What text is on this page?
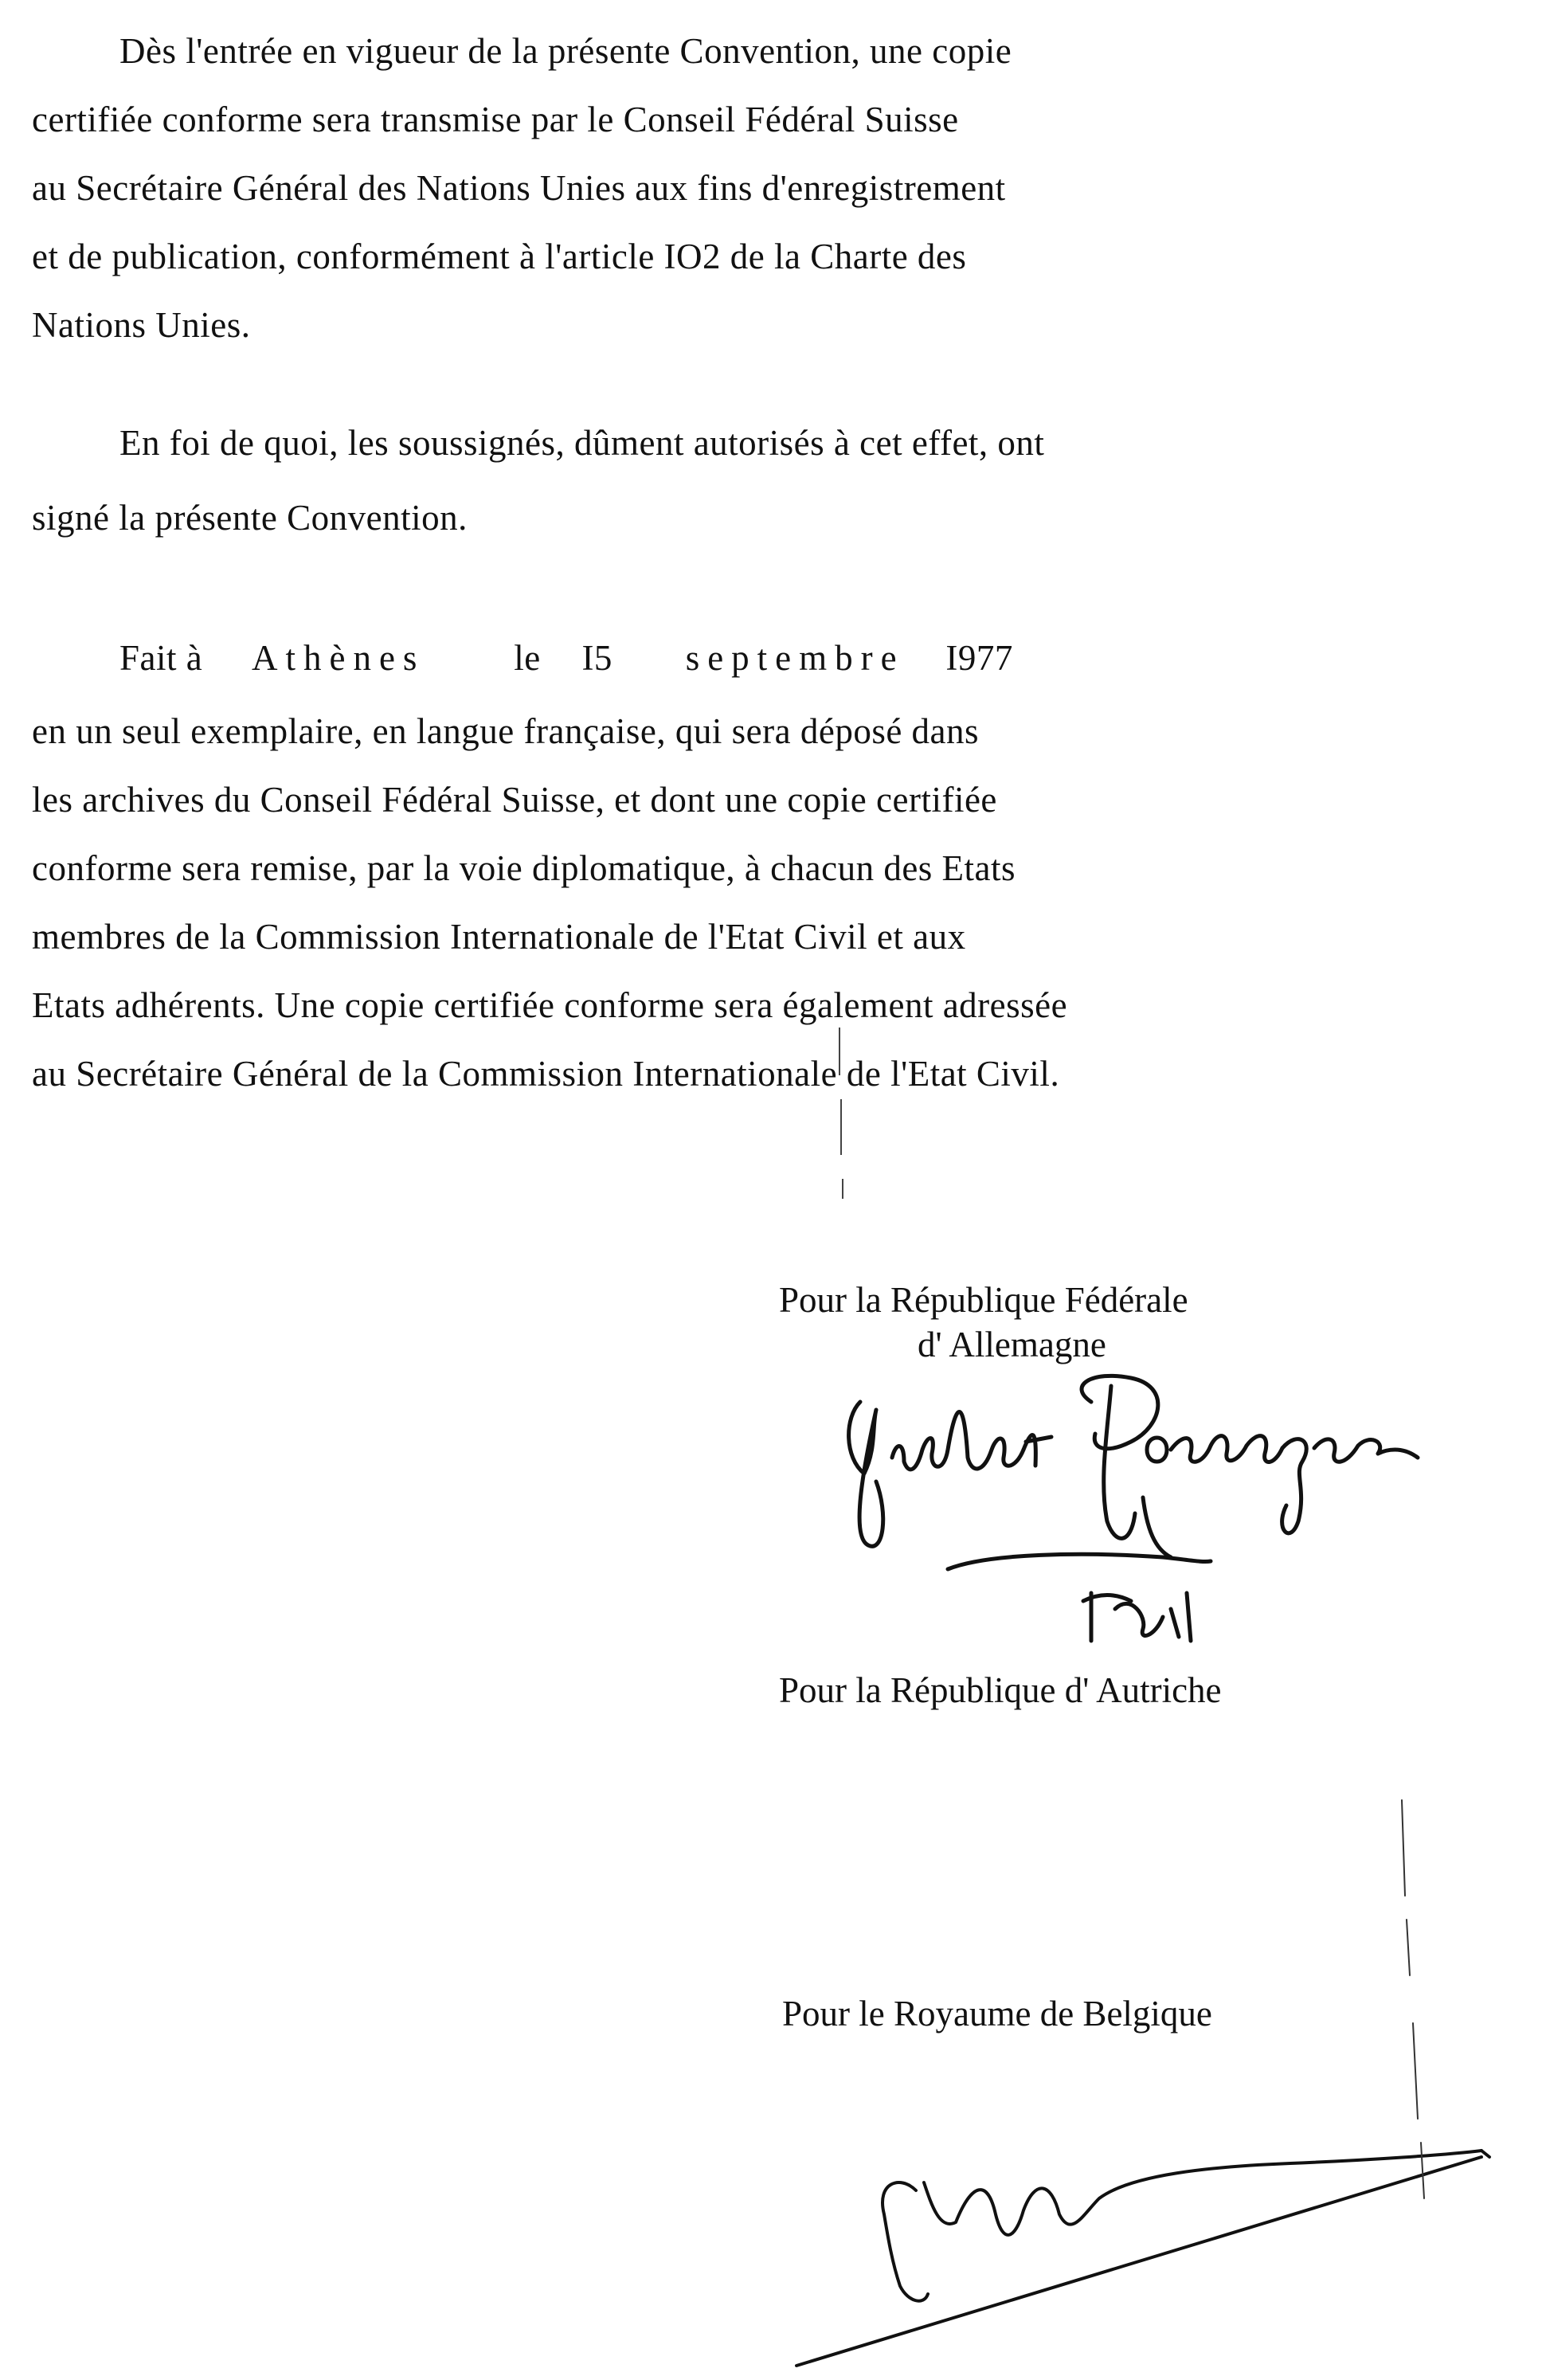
Dès l'entrée en vigueur de la présente Convention, une copie
certifiée conforme sera transmise par le Conseil Fédéral Suisse
au Secrétaire Général des Nations Unies aux fins d'enregistrement
et de publication, conformément à l'article IO2 de la Charte des
Nations Unies.
En foi de quoi, les soussignés, dûment autorisés à cet effet, ont
signé la présente Convention.
Fait à Athènes le I5 septembre I977
en un seul exemplaire, en langue française, qui sera déposé dans
les archives du Conseil Fédéral Suisse, et dont une copie certifiée
conforme sera remise, par la voie diplomatique, à chacun des Etats
membres de la Commission Internationale de l'Etat Civil et aux
Etats adhérents. Une copie certifiée conforme sera également adressée
au Secrétaire Général de la Commission Internationale de l'Etat Civil.
Pour la République Fédérale
d' Allemagne
Pour la République d' Autriche
Pour le Royaume de Belgique
